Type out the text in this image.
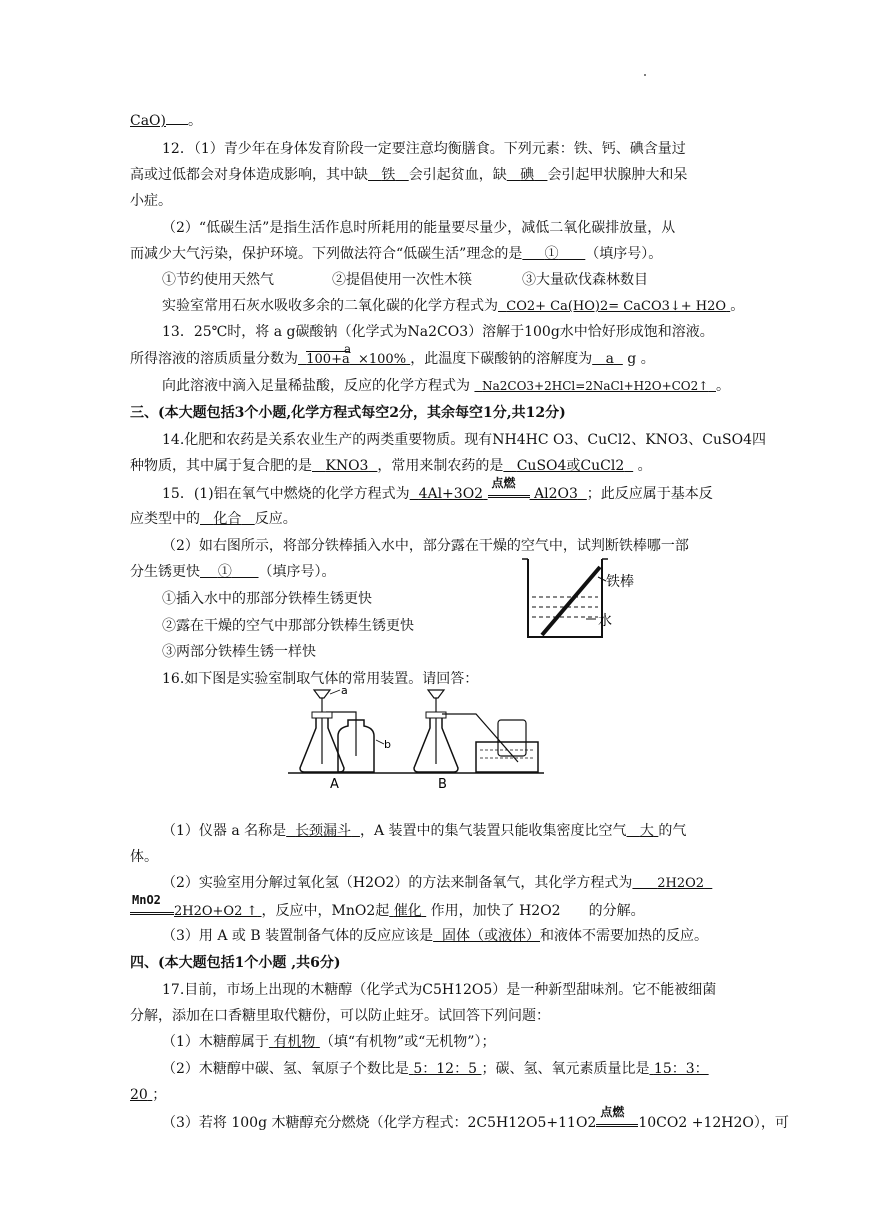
CaO) 。
12．（1）青少年在身体发育阶段一定要注意均衡膳食。下列元素：铁、钙、碘含量过
高或过低都会对身体造成影响，其中缺 铁 会引起贫血，缺 碘 会引起甲状腺肿大和呆
小症。
（2）“低碳生活”是指生活作息时所耗用的能量要尽量少，减低二氧化碳排放量，从
而减少大气污染，保护环境。下列做法符合“低碳生活”理念的是 ① （填序号）。
①节约使用天然气	②提倡使用一次性木筷	③大量砍伐森林数目
实验室常用石灰水吸收多余的二氧化碳的化学方程式为 CO2+ Ca(HO)2= CaCO3↓+ H2O 。
13．25℃时，将 a g碳酸钠（化学式为Na2CO3）溶解于100g水中恰好形成饱和溶液。
a
所得溶液的溶质质量分数为 100+a ×100% ，此温度下碳酸钠的溶解度为 a g 。
向此溶液中滴入足量稀盐酸，反应的化学方程式为 Na2CO3+2HCl=2NaCl+H2O+CO2↑ 。
三、(本大题包括3个小题,化学方程式每空2分，其余每空1分,共12分)
14.化肥和农药是关系农业生产的两类重要物质。现有NH4HC O3、CuCl2、KNO3、CuSO4四
种物质，其中属于复合肥的是 KNO3 ，常用来制农药的是 CuSO4或CuCl2 。
15．(1)铝在氧气中燃烧的化学方程式为 4Al+3O2
点燃
Al2O3 ；此反应属于基本反
应类型中的 化合 反应。
（2）如右图所示，将部分铁棒插入水中，部分露在干燥的空气中，试判断铁棒哪一部
分生锈更快 ① （填序号）。
①插入水中的那部分铁棒生锈更快
②露在干燥的空气中那部分铁棒生锈更快
③两部分铁棒生锈一样快
铁棒
水
16.如下图是实验室制取气体的常用装置。请回答：
a
b
A	B
（1）仪器 a 名称是 长颈漏斗 ，A 装置中的集气装置只能收集密度比空气 大 的气
体。
（2）实验室用分解过氧化氢（H2O2）的方法来制备氧气，其化学方程式为 2H2O2
MnO2
2H2O+O2 ↑ ，反应中，MnO2起 催化 作用，加快了 H2O2　　的分解。
（3）用 A 或 B 装置制备气体的反应应该是 固体（或液体）和液体不需要加热的反应。
四、(本大题包括1个小题 ,共6分)
17.目前，市场上出现的木糖醇（化学式为C5H12O5）是一种新型甜味剂。它不能被细菌
分解，添加在口香糖里取代糖份，可以防止蛀牙。试回答下列问题：
（1）木糖醇属于 有机物 （填“有机物”或“无机物”）；
（2）木糖醇中碳、氢、氧原子个数比是 5：12：5 ；碳、氢、氧元素质量比是 15：3：
20 ；
（3）若将 100g 木糖醇充分燃烧（化学方程式：2C5H12O5+11O2
点燃
10CO2 +12H2O），可
